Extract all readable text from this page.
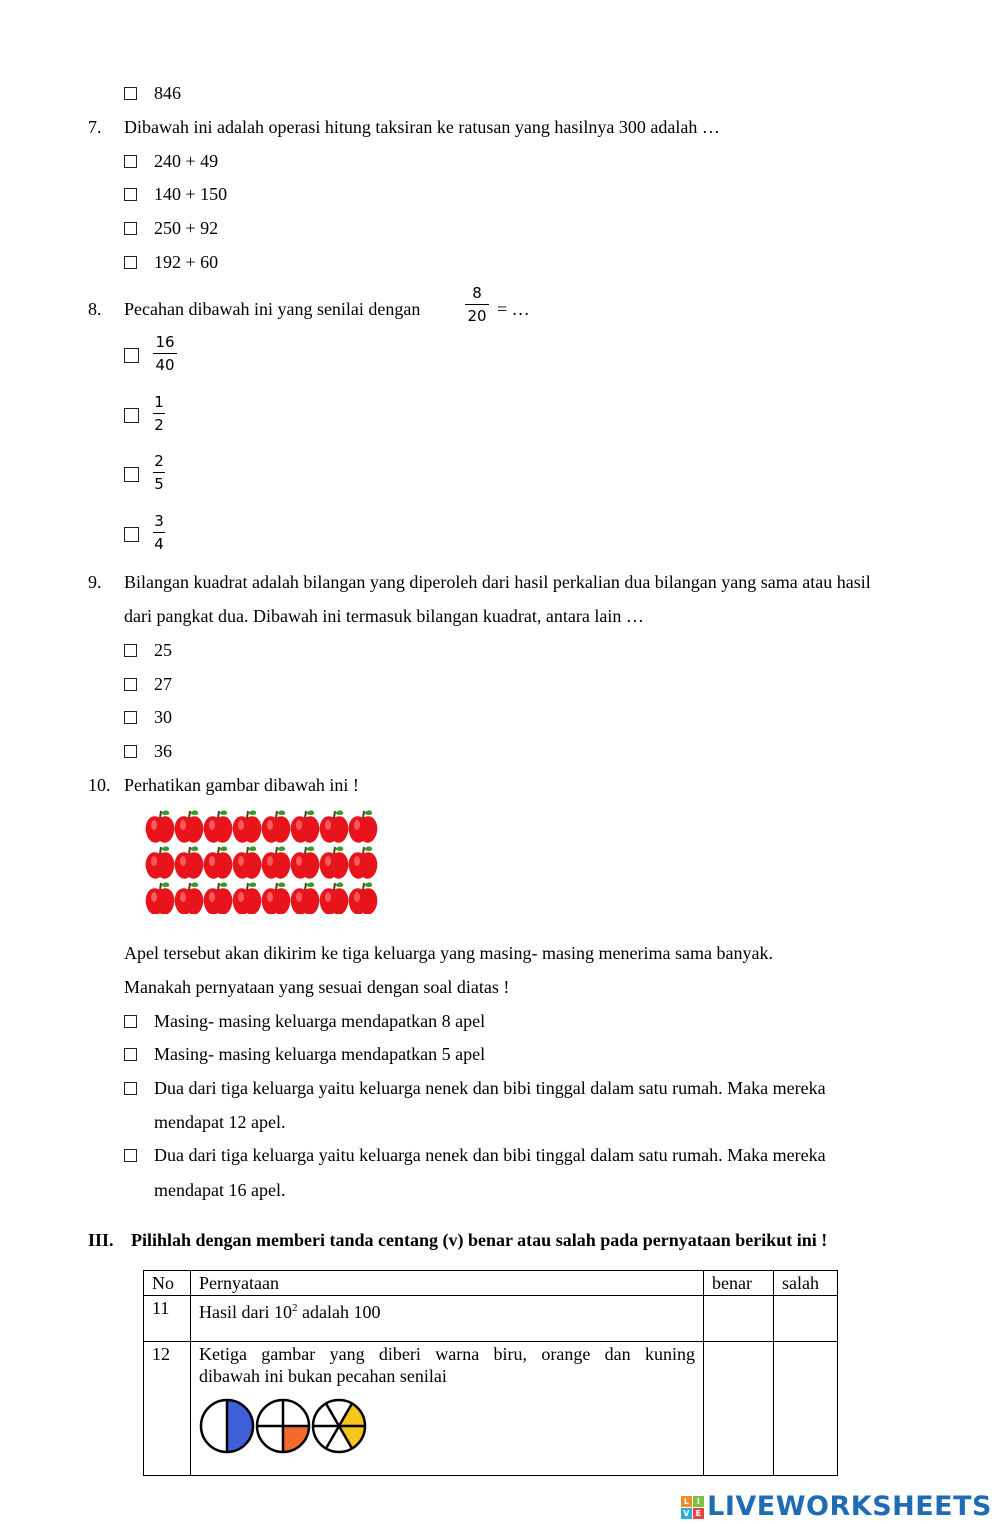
846
7. Dibawah ini adalah operasi hitung taksiran ke ratusan yang hasilnya 300 adalah …
240 + 49
140 + 150
250 + 92
192 + 60
8. Pecahan dibawah ini yang senilai dengan
8
20 = …
16
40
1
2
2
5
3
4
9. Bilangan kuadrat adalah bilangan yang diperoleh dari hasil perkalian dua bilangan yang sama atau hasil
dari pangkat dua. Dibawah ini termasuk bilangan kuadrat, antara lain …
25
27
30
36
10. Perhatikan gambar dibawah ini !
Apel tersebut akan dikirim ke tiga keluarga yang masing- masing menerima sama banyak.
Manakah pernyataan yang sesuai dengan soal diatas !
Masing- masing keluarga mendapatkan 8 apel
Masing- masing keluarga mendapatkan 5 apel
Dua dari tiga keluarga yaitu keluarga nenek dan bibi tinggal dalam satu rumah. Maka mereka
mendapat 12 apel.
Dua dari tiga keluarga yaitu keluarga nenek dan bibi tinggal dalam satu rumah. Maka mereka
mendapat 16 apel.
III. Pilihlah dengan memberi tanda centang (v) benar atau salah pada pernyataan berikut ini !
No	Pernyataan	benar	salah
11	Hasil dari $10^2$ adalah 100		
12	Ketiga gambar yang diberi warna biru, orange dan kuning
dibawah ini bukan pecahan senilai		

L I
V E LIVEWORKSHEETS
